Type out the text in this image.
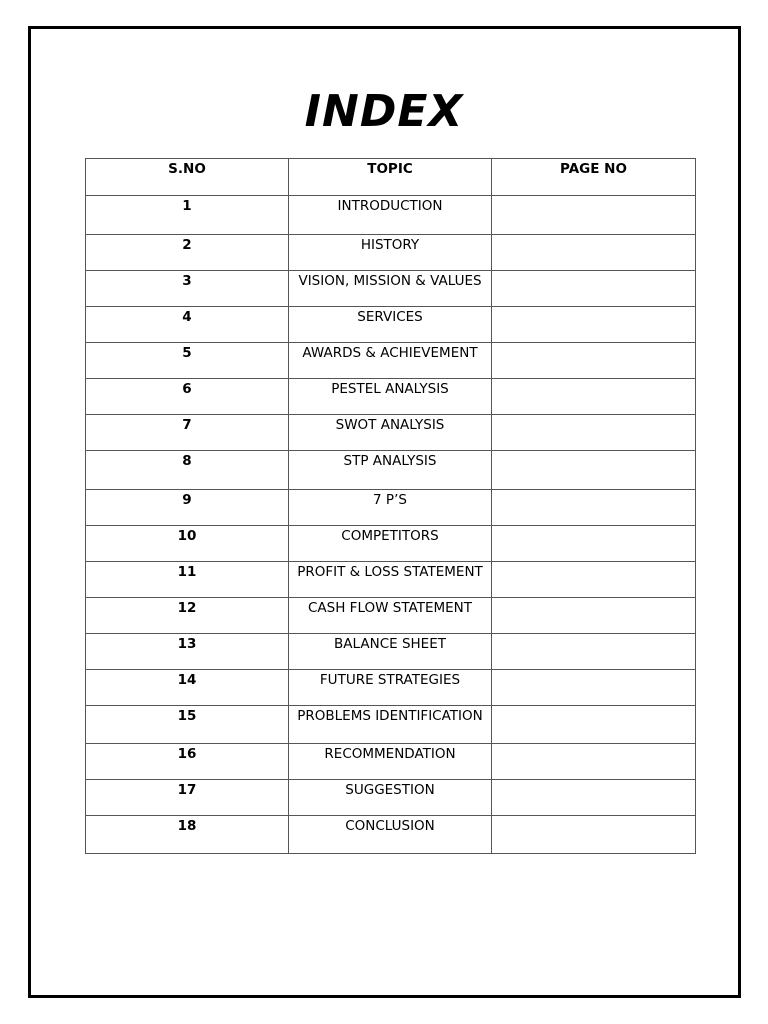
INDEX
S.NO	TOPIC	PAGE NO
1	INTRODUCTION	
2	HISTORY	
3	VISION, MISSION & VALUES	
4	SERVICES	
5	AWARDS & ACHIEVEMENT	
6	PESTEL ANALYSIS	
7	SWOT ANALYSIS	
8	STP ANALYSIS	
9	7 P’S	
10	COMPETITORS	
11	PROFIT & LOSS STATEMENT	
12	CASH FLOW STATEMENT	
13	BALANCE SHEET	
14	FUTURE STRATEGIES	
15	PROBLEMS IDENTIFICATION	
16	RECOMMENDATION	
17	SUGGESTION	
18	CONCLUSION	
